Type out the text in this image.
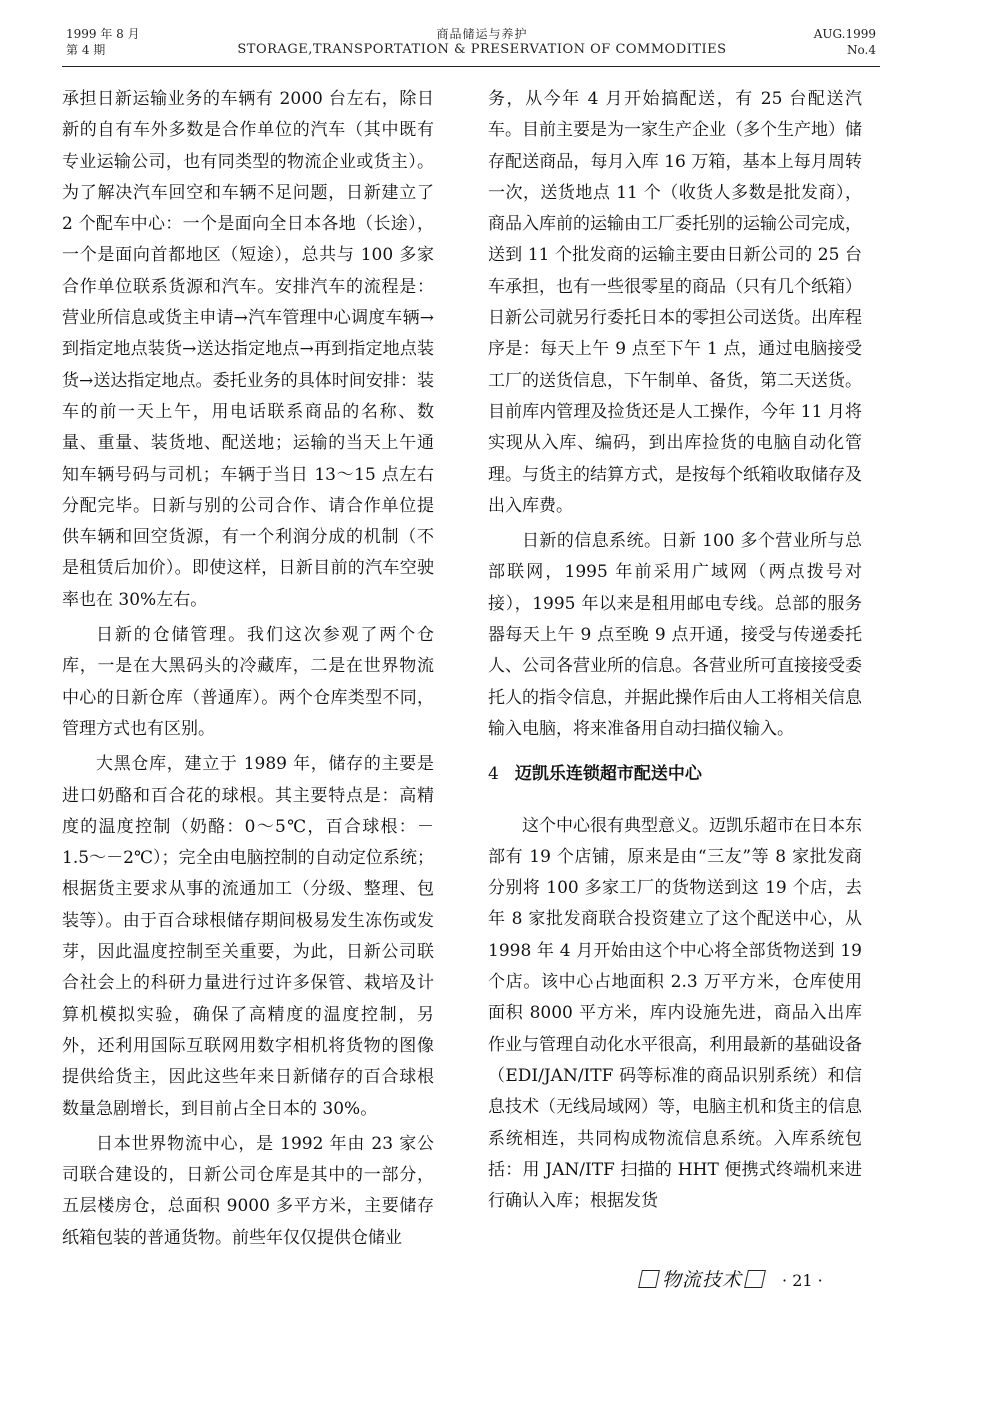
1999 年 8 月
第 4 期
商品储运与养护
STORAGE,TRANSPORTATION & PRESERVATION OF COMMODITIES
AUG.1999
No.4

承担日新运输业务的车辆有 2000 台左右，除日新的自有车外多数是合作单位的汽车（其中既有专业运输公司，也有同类型的物流企业或货主）。为了解决汽车回空和车辆不足问题，日新建立了 2 个配车中心：一个是面向全日本各地（长途），一个是面向首都地区（短途），总共与 100 多家合作单位联系货源和汽车。安排汽车的流程是：营业所信息或货主申请→汽车管理中心调度车辆→到指定地点装货→送达指定地点→再到指定地点装货→送达指定地点。委托业务的具体时间安排：装车的前一天上午，用电话联系商品的名称、数量、重量、装货地、配送地；运输的当天上午通知车辆号码与司机；车辆于当日 13～15 点左右分配完毕。日新与别的公司合作、请合作单位提供车辆和回空货源，有一个利润分成的机制（不是租赁后加价）。即使这样，日新目前的汽车空驶率也在 30%左右。

日新的仓储管理。我们这次参观了两个仓库，一是在大黑码头的冷藏库，二是在世界物流中心的日新仓库（普通库）。两个仓库类型不同，管理方式也有区别。

大黑仓库，建立于 1989 年，储存的主要是进口奶酪和百合花的球根。其主要特点是：高精度的温度控制（奶酪：0～5℃，百合球根：－1.5～－2℃）；完全由电脑控制的自动定位系统；根据货主要求从事的流通加工（分级、整理、包装等）。由于百合球根储存期间极易发生冻伤或发芽，因此温度控制至关重要，为此，日新公司联合社会上的科研力量进行过许多保管、栽培及计算机模拟实验，确保了高精度的温度控制，另外，还利用国际互联网用数字相机将货物的图像提供给货主，因此这些年来日新储存的百合球根数量急剧增长，到目前占全日本的 30%。

日本世界物流中心，是 1992 年由 23 家公司联合建设的，日新公司仓库是其中的一部分，五层楼房仓，总面积 9000 多平方米，主要储存纸箱包装的普通货物。前些年仅仅提供仓储业

务，从今年 4 月开始搞配送，有 25 台配送汽车。目前主要是为一家生产企业（多个生产地）储存配送商品，每月入库 16 万箱，基本上每月周转一次，送货地点 11 个（收货人多数是批发商），商品入库前的运输由工厂委托别的运输公司完成，送到 11 个批发商的运输主要由日新公司的 25 台车承担，也有一些很零星的商品（只有几个纸箱）日新公司就另行委托日本的零担公司送货。出库程序是：每天上午 9 点至下午 1 点，通过电脑接受工厂的送货信息，下午制单、备货，第二天送货。目前库内管理及捡货还是人工操作，今年 11 月将实现从入库、编码，到出库捡货的电脑自动化管理。与货主的结算方式，是按每个纸箱收取储存及出入库费。

日新的信息系统。日新 100 多个营业所与总部联网，1995 年前采用广域网（两点拨号对接），1995 年以来是租用邮电专线。总部的服务器每天上午 9 点至晚 9 点开通，接受与传递委托人、公司各营业所的信息。各营业所可直接接受委托人的指令信息，并据此操作后由人工将相关信息输入电脑，将来准备用自动扫描仪输入。

4 迈凯乐连锁超市配送中心

这个中心很有典型意义。迈凯乐超市在日本东部有 19 个店铺，原来是由“三友”等 8 家批发商分别将 100 多家工厂的货物送到这 19 个店，去年 8 家批发商联合投资建立了这个配送中心，从 1998 年 4 月开始由这个中心将全部货物送到 19 个店。该中心占地面积 2.3 万平方米，仓库使用面积 8000 平方米，库内设施先进，商品入出库作业与管理自动化水平很高，利用最新的基础设备（EDI/JAN/ITF 码等标准的商品识别系统）和信息技术（无线局域网）等，电脑主机和货主的信息系统相连，共同构成物流信息系统。入库系统包括：用 JAN/ITF 扫描的 HHT 便携式终端机来进行确认入库；根据发货

物流技术	· 21 ·
